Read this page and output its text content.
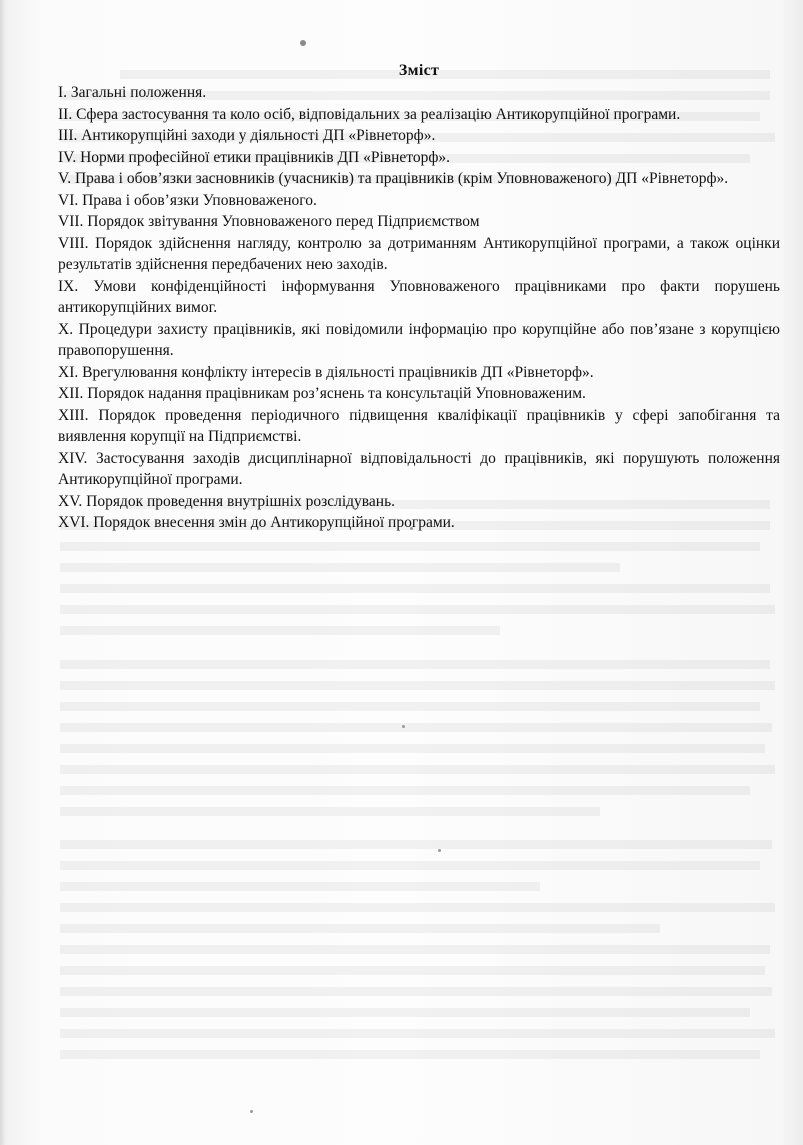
Зміст
І. Загальні положення.
ІІ. Сфера застосування та коло осіб, відповідальних за реалізацію Антикорупційної програми.
ІІІ. Антикорупційні заходи у діяльності ДП «Рівнеторф».
IV. Норми професійної етики працівників ДП «Рівнеторф».
V. Права і обов’язки засновників (учасників) та працівників (крім Уповноваженого) ДП «Рівнеторф».
VI. Права і обов’язки Уповноваженого.
VII. Порядок звітування Уповноваженого перед Підприємством
VIII. Порядок здійснення нагляду, контролю за дотриманням Антикорупційної програми, а також оцінки результатів здійснення передбачених нею заходів.
IX. Умови конфіденційності інформування Уповноваженого працівниками про факти порушень антикорупційних вимог.
Х. Процедури захисту працівників, які повідомили інформацію про корупційне або пов’язане з корупцією правопорушення.
ХІ. Врегулювання конфлікту інтересів в діяльності працівників ДП «Рівнеторф».
ХІІ. Порядок надання працівникам роз’яснень та консультацій Уповноваженим.
ХІІІ. Порядок проведення періодичного підвищення кваліфікації працівників у сфері запобігання та виявлення корупції на Підприємстві.
XIV. Застосування заходів дисциплінарної відповідальності до працівників, які порушують положення Антикорупційної програми.
XV. Порядок проведення внутрішніх розслідувань.
XVI. Порядок внесення змін до Антикорупційної програми.
